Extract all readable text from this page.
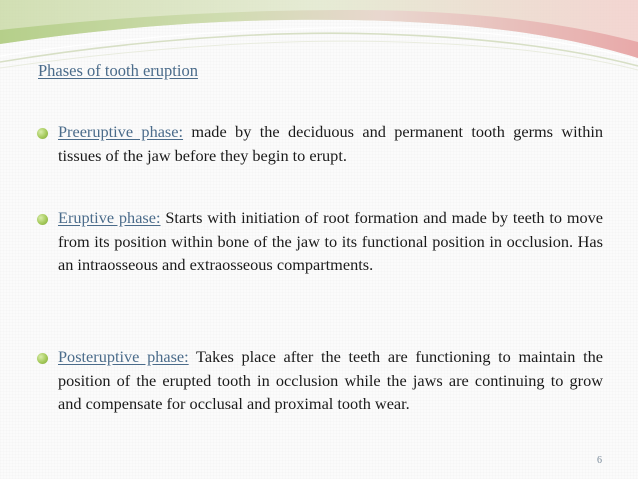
Phases of tooth eruption
Preeruptive phase: made by the deciduous and permanent tooth germs within tissues of the jaw before they begin to erupt.
Eruptive phase: Starts with initiation of root formation and made by teeth to move from its position within bone of the jaw to its functional position in occlusion. Has an intraosseous and extraosseous compartments.
Posteruptive phase: Takes place after the teeth are functioning to maintain the position of the erupted tooth in occlusion while the jaws are continuing to grow and compensate for occlusal and proximal tooth wear.
6
